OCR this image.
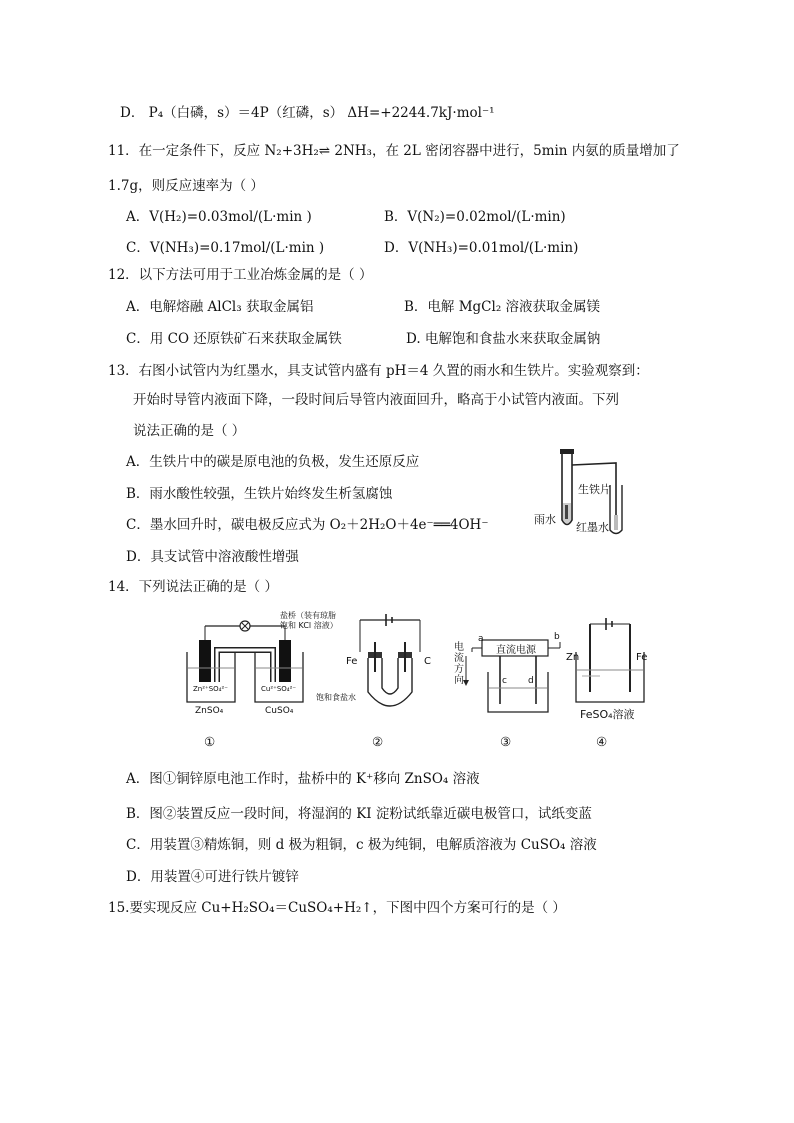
D． P₄（白磷，s）＝4P（红磷，s） ΔH=+2244.7kJ·mol⁻¹
11．在一定条件下，反应 N₂+3H₂⇌ 2NH₃，在 2L 密闭容器中进行，5min 内氨的质量增加了
1.7g，则反应速率为（ ）
A．V(H₂)=0.03mol/(L·min )	B．V(N₂)=0.02mol/(L·min)
C．V(NH₃)=0.17mol/(L·min )	D．V(NH₃)=0.01mol/(L·min)
12．以下方法可用于工业冶炼金属的是（ ）
A．电解熔融 AlCl₃ 获取金属铝	B．电解 MgCl₂ 溶液获取金属镁
C．用 CO 还原铁矿石来获取金属铁	D. 电解饱和食盐水来获取金属钠
13．右图小试管内为红墨水，具支试管内盛有 pH＝4 久置的雨水和生铁片。实验观察到：
开始时导管内液面下降，一段时间后导管内液面回升，略高于小试管内液面。下列
说法正确的是（ ）
A．生铁片中的碳是原电池的负极，发生还原反应
B．雨水酸性较强，生铁片始终发生析氢腐蚀
C．墨水回升时，碳电极反应式为 O₂＋2H₂O＋4e⁻══4OH⁻
D．具支试管中溶液酸性增强
14．下列说法正确的是（ ）
A．图①铜锌原电池工作时，盐桥中的 K⁺移向 ZnSO₄ 溶液
B．图②装置反应一段时间，将湿润的 KI 淀粉试纸靠近碳电极管口，试纸变蓝
C．用装置③精炼铜，则 d 极为粗铜，c 极为纯铜，电解质溶液为 CuSO₄ 溶液
D．用装置④可进行铁片镀锌
15.要实现反应 Cu+H₂SO₄＝CuSO₄+H₂↑，下图中四个方案可行的是（ ）
生铁片
雨水
红墨水
盐桥（装有琼脂
饱和 KCl 溶液）
Zn²⁺SO₄²⁻	Cu²⁺SO₄²⁻
ZnSO₄	CuSO₄
Fe	C
饱和食盐水
直流电源
a	b
电流方向	c d
Zn	Fe
FeSO₄溶液
①	②	③	④
